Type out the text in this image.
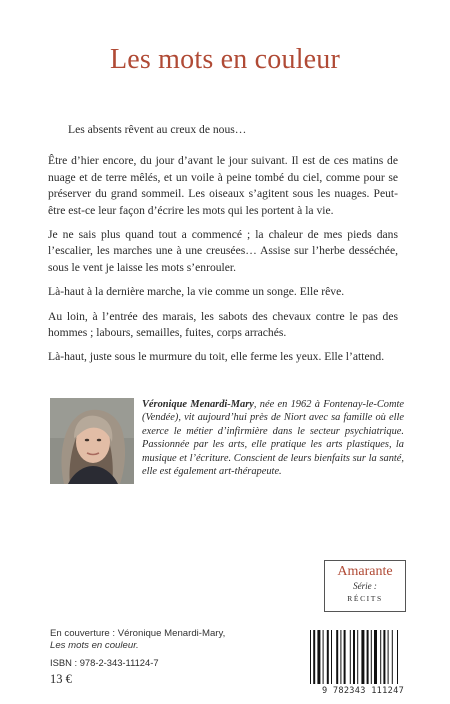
Les mots en couleur

Les absents rêvent au creux de nous…

Être d’hier encore, du jour d’avant le jour suivant. Il est de ces matins de nuage et de terre mêlés, et un voile à peine tombé du ciel, comme pour se préserver du grand sommeil. Les oiseaux s’agitent sous les nuages. Peut-être est-ce leur façon d’écrire les mots qui les portent à la vie.

Je ne sais plus quand tout a commencé ; la chaleur de mes pieds dans l’escalier, les marches une à une creusées… Assise sur l’herbe desséchée, sous le vent je laisse les mots s’enrouler.

Là-haut à la dernière marche, la vie comme un songe. Elle rêve.

Au loin, à l’entrée des marais, les sabots des chevaux contre le pas des hommes ; labours, semailles, fuites, corps arrachés.

Là-haut, juste sous le murmure du toit, elle ferme les yeux. Elle l’attend.

Véronique Menardi-Mary, née en 1962 à Fontenay-le-Comte (Vendée), vit aujourd’hui près de Niort avec sa famille où elle exerce le métier d’infirmière dans le secteur psychiatrique. Passionnée par les arts, elle pratique les arts plastiques, la musique et l’écriture. Conscient de leurs bienfaits sur la santé, elle est également art-thérapeute.
Amarante
Série :
RÉCITS
En couverture : Véronique Menardi-Mary,
Les mots en couleur.
ISBN : 978-2-343-11124-7
13 €
9 782343 111247
